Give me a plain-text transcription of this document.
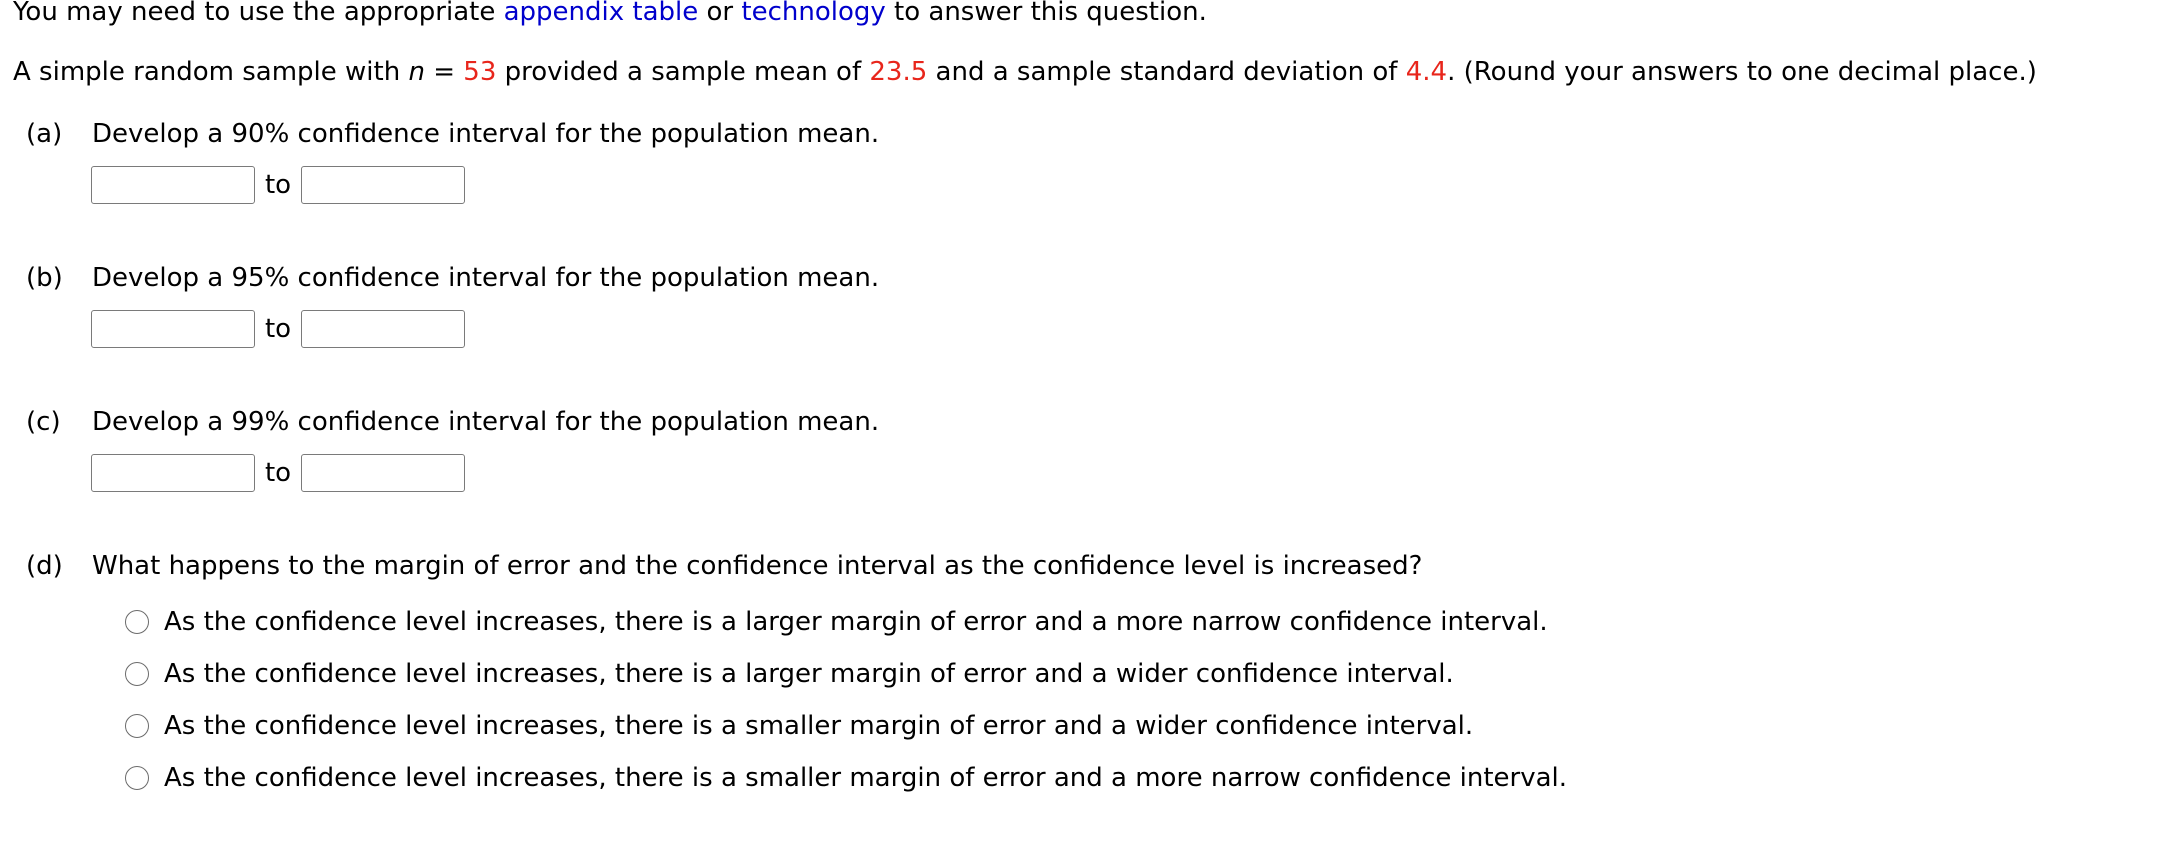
You may need to use the appropriate appendix table or technology to answer this question.
A simple random sample with n = 53 provided a sample mean of 23.5 and a sample standard deviation of 4.4. (Round your answers to one decimal place.)
(a) Develop a 90% confidence interval for the population mean.
to
(b) Develop a 95% confidence interval for the population mean.
to
(c) Develop a 99% confidence interval for the population mean.
to
(d) What happens to the margin of error and the confidence interval as the confidence level is increased?
As the confidence level increases, there is a larger margin of error and a more narrow confidence interval.
As the confidence level increases, there is a larger margin of error and a wider confidence interval.
As the confidence level increases, there is a smaller margin of error and a wider confidence interval.
As the confidence level increases, there is a smaller margin of error and a more narrow confidence interval.
